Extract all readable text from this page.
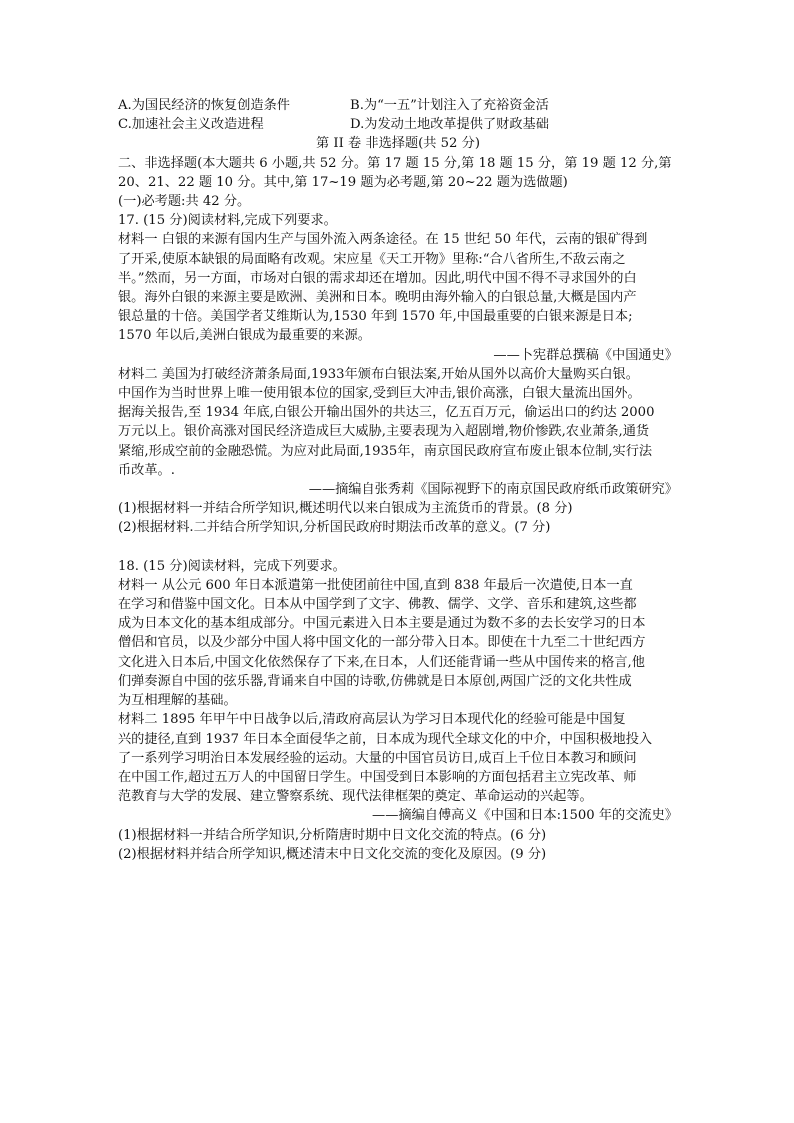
A.为国民经济的恢复创造条件	B.为“一五”计划注入了充裕资金活
C.加速社会主义改造进程	D.为发动土地改革提供了财政基础
第 II 卷 非选择题(共 52 分)
二、非选择题(本大题共 6 小题,共 52 分。第 17 题 15 分,第 18 题 15 分，第 19 题 12 分,第
20、21、22 题 10 分。其中,第 17~19 题为必考题,第 20~22 题为选做题)
(一)必考题:共 42 分。
17. (15 分)阅读材料,完成下列要求。
材料一 白银的来源有国内生产与国外流入两条途径。在 15 世纪 50 年代，云南的银矿得到
了开采,使原本缺银的局面略有改观。宋应星《天工开物》里称:“合八省所生,不敌云南之
半。”然而，另一方面，市场对白银的需求却还在增加。因此,明代中国不得不寻求国外的白
银。海外白银的来源主要是欧洲、美洲和日本。晚明由海外输入的白银总量,大概是国内产
银总量的十倍。美国学者艾维斯认为,1530 年到 1570 年,中国最重要的白银来源是日本;
1570 年以后,美洲白银成为最重要的来源。
——卜宪群总撰稿《中国通史》
材料二 美国为打破经济萧条局面,1933年颁布白银法案,开始从国外以高价大量购买白银。
中国作为当时世界上唯一使用银本位的国家,受到巨大冲击,银价高涨，白银大量流出国外。
据海关报告,至 1934 年底,白银公开输出国外的共达三，亿五百万元，偷运出口的约达 2000
万元以上。银价高涨对国民经济造成巨大威胁,主要表现为入超剧增,物价惨跌,农业萧条,通货
紧缩,形成空前的金融恐慌。为应对此局面,1935年，南京国民政府宣布废止银本位制,实行法
币改革。.
——摘编自张秀莉《国际视野下的南京国民政府纸币政策研究》
(1)根据材料一并结合所学知识,概述明代以来白银成为主流货币的背景。(8 分)
(2)根据材料.二并结合所学知识,分析国民政府时期法币改革的意义。(7 分)
18. (15 分)阅读材料，完成下列要求。
材料一 从公元 600 年日本派遣第一批使团前往中国,直到 838 年最后一次遣使,日本一直
在学习和借鉴中国文化。日本从中国学到了文字、佛教、儒学、文学、音乐和建筑,这些都
成为日本文化的基本组成部分。中国元素进入日本主要是通过为数不多的去长安学习的日本
僧侣和官员，以及少部分中国人将中国文化的一部分带入日本。即使在十九至二十世纪西方
文化进入日本后,中国文化依然保存了下来,在日本，人们还能背诵一些从中国传来的格言,他
们弹奏源自中国的弦乐器,背诵来自中国的诗歌,仿佛就是日本原创,两国广泛的文化共性成
为互相理解的基础。
材料二 1895 年甲午中日战争以后,清政府高层认为学习日本现代化的经验可能是中国复
兴的捷径,直到 1937 年日本全面侵华之前，日本成为现代全球文化的中介，中国积极地投入
了一系列学习明治日本发展经验的运动。大量的中国官员访日,成百上千位日本教习和顾问
在中国工作,超过五万人的中国留日学生。中国受到日本影响的方面包括君主立宪改革、师
范教育与大学的发展、建立警察系统、现代法律框架的奠定、革命运动的兴起等。
——摘编自傅高义《中国和日本:1500 年的交流史》
(1)根据材料一并结合所学知识,分析隋唐时期中日文化交流的特点。(6 分)
(2)根据材料并结合所学知识,概述清末中日文化交流的变化及原因。(9 分)
